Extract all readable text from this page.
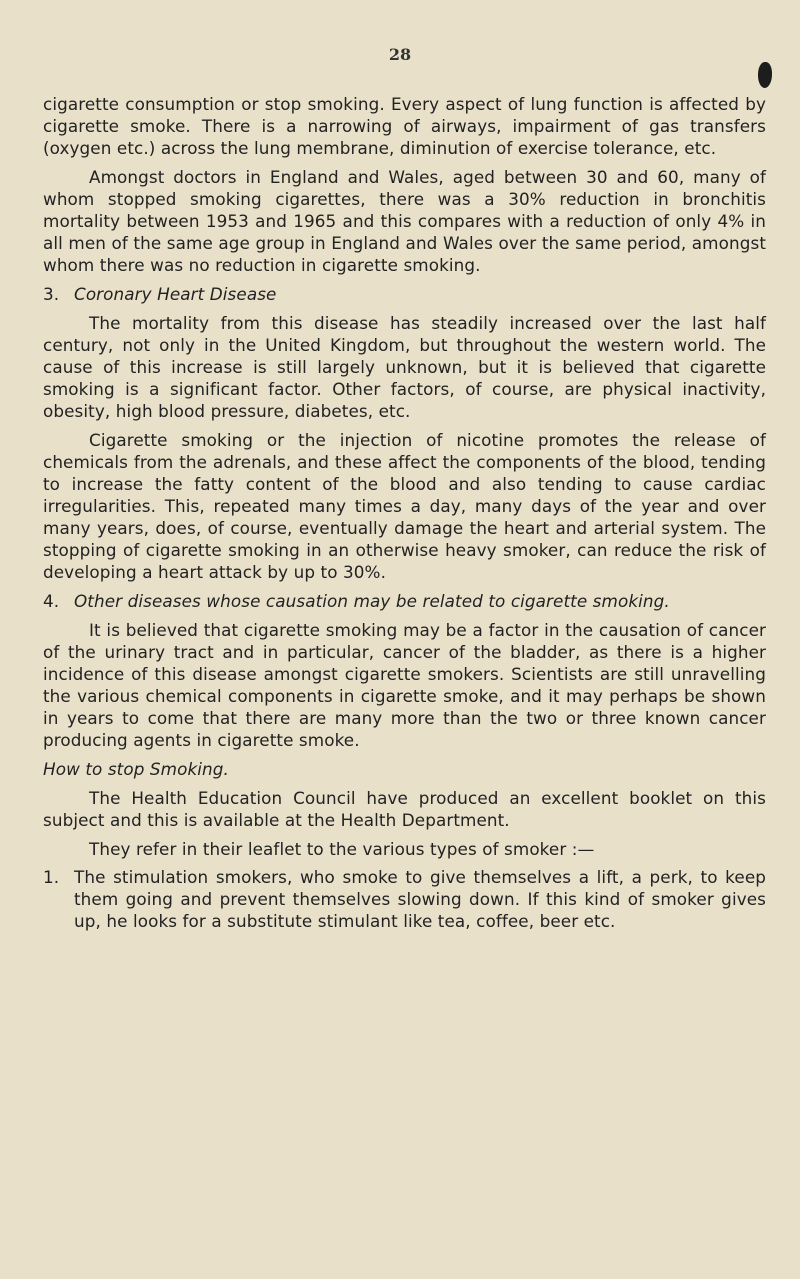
28

cigarette consumption or stop smoking. Every aspect of lung function is affected by cigarette smoke. There is a narrowing of airways, impairment of gas transfers (oxygen etc.) across the lung membrane, diminution of exercise tolerance, etc.

Amongst doctors in England and Wales, aged between 30 and 60, many of whom stopped smoking cigarettes, there was a 30% reduction in bronchitis mortality between 1953 and 1965 and this compares with a reduction of only 4% in all men of the same age group in England and Wales over the same period, amongst whom there was no reduction in cigarette smoking.

3. Coronary Heart Disease

The mortality from this disease has steadily increased over the last half century, not only in the United Kingdom, but throughout the western world. The cause of this increase is still largely unknown, but it is believed that cigarette smoking is a significant factor. Other factors, of course, are physical inactivity, obesity, high blood pressure, diabetes, etc.

Cigarette smoking or the injection of nicotine promotes the release of chemicals from the adrenals, and these affect the components of the blood, tending to increase the fatty content of the blood and also tending to cause cardiac irregularities. This, repeated many times a day, many days of the year and over many years, does, of course, eventually damage the heart and arterial system. The stopping of cigarette smoking in an otherwise heavy smoker, can reduce the risk of developing a heart attack by up to 30%.

4. Other diseases whose causation may be related to cigarette smoking.

It is believed that cigarette smoking may be a factor in the causation of cancer of the urinary tract and in particular, cancer of the bladder, as there is a higher incidence of this disease amongst cigarette smokers. Scientists are still unravelling the various chemical components in cigarette smoke, and it may perhaps be shown in years to come that there are many more than the two or three known cancer producing agents in cigarette smoke.

How to stop Smoking.

The Health Education Council have produced an excellent booklet on this subject and this is available at the Health Department.

They refer in their leaflet to the various types of smoker :—

1. The stimulation smokers, who smoke to give themselves a lift, a perk, to keep them going and prevent themselves slowing down. If this kind of smoker gives up, he looks for a substitute stimulant like tea, coffee, beer etc.
